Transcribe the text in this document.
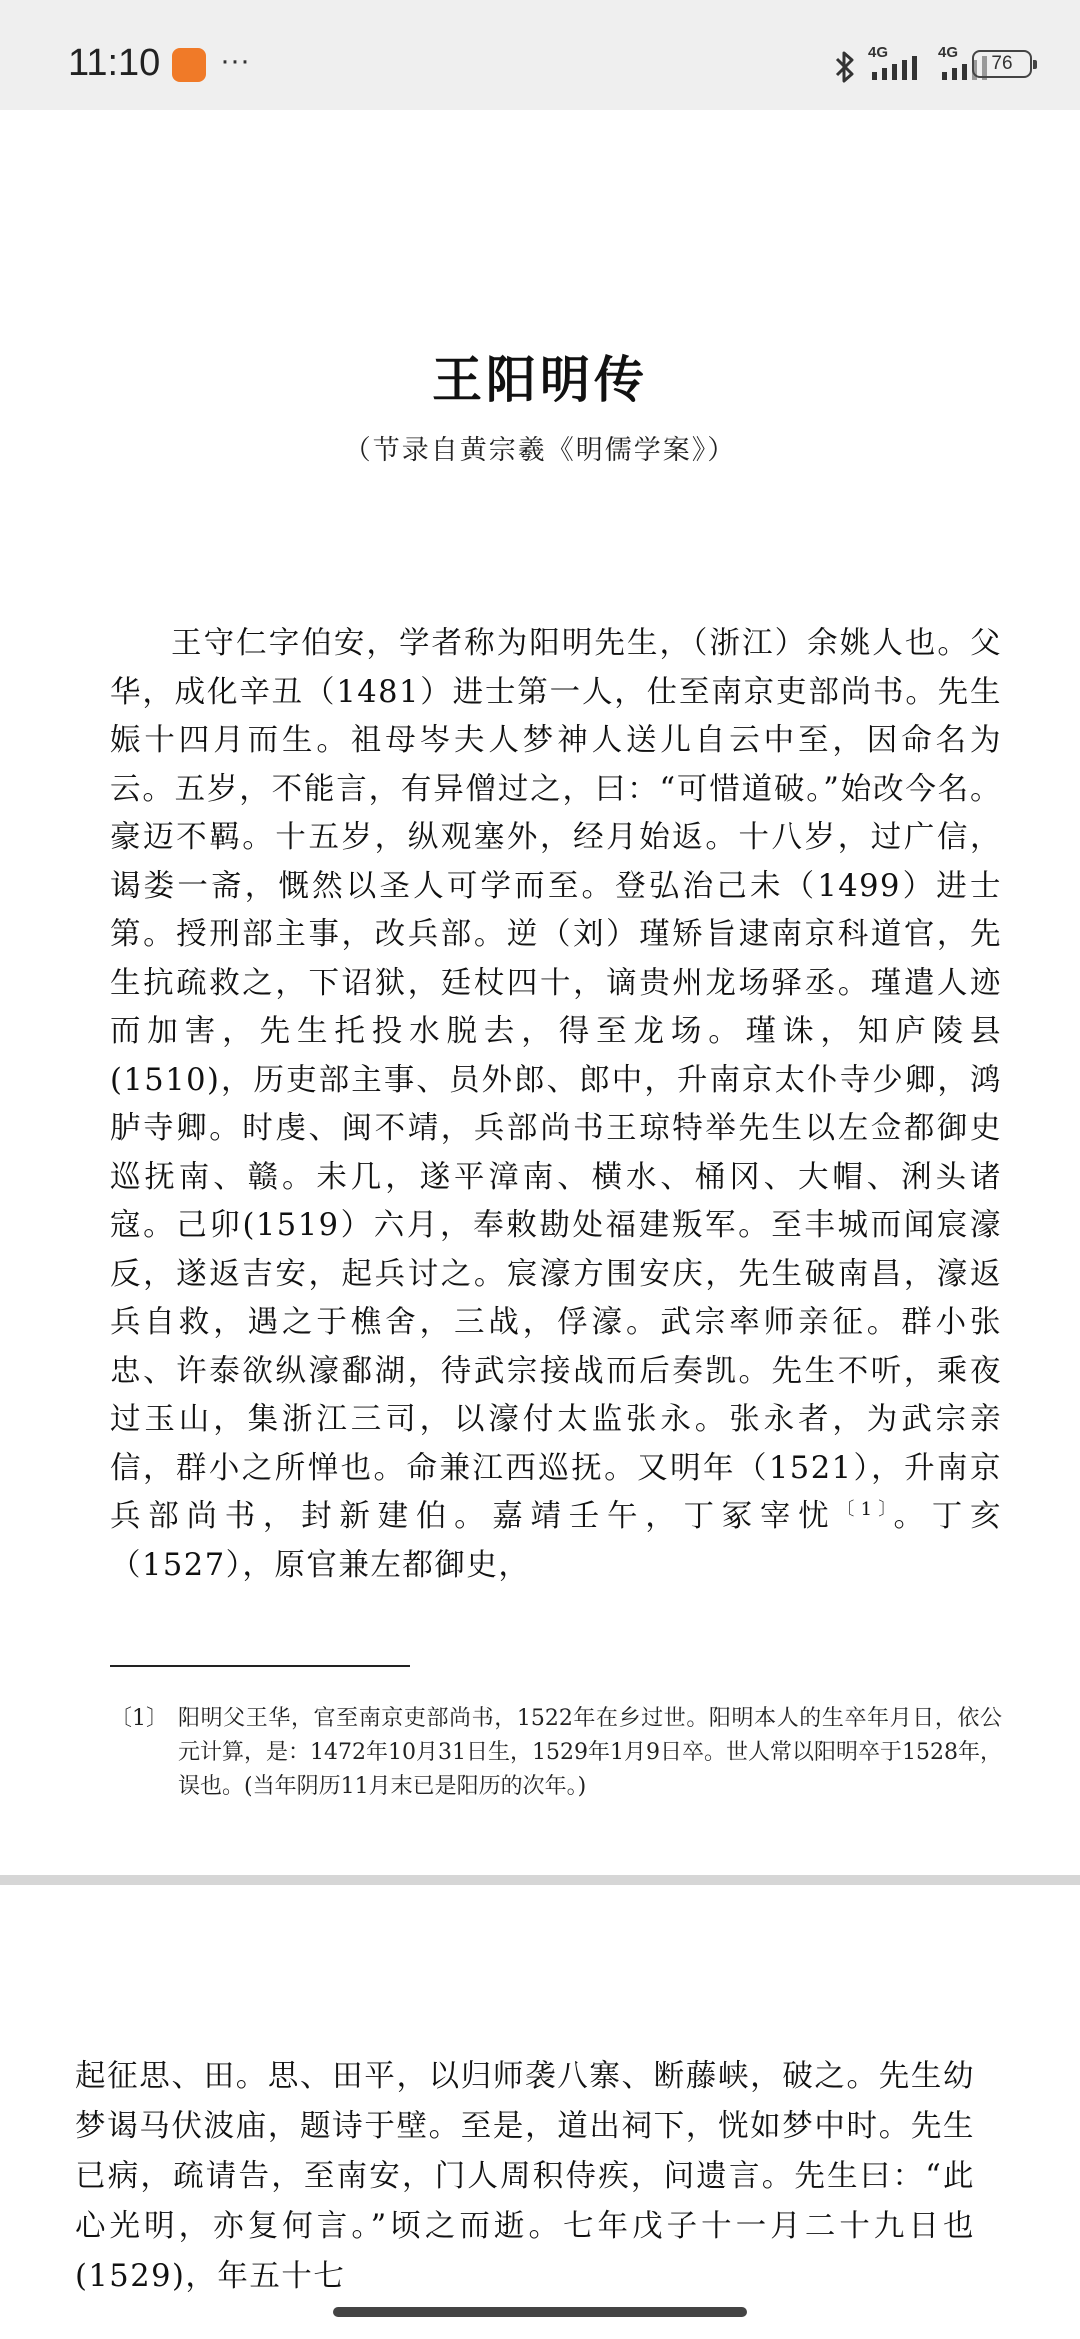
11:10 ···	4G	4G
76
王阳明传
（节录自黄宗羲《明儒学案》）

王守仁字伯安，学者称为阳明先生，（浙江）余姚人也。父华，成化辛丑（1481）进士第一人，仕至南京吏部尚书。先生娠十四月而生。祖母岑夫人梦神人送儿自云中至，因命名为云。五岁，不能言，有异僧过之，曰：“可惜道破。”始改今名。豪迈不羁。十五岁，纵观塞外，经月始返。十八岁，过广信，谒娄一斋，慨然以圣人可学而至。登弘治己未（1499）进士第。授刑部主事，改兵部。逆（刘）瑾矫旨逮南京科道官，先生抗疏救之，下诏狱，廷杖四十，谪贵州龙场驿丞。瑾遣人迹而加害，先生托投水脱去，得至龙场。瑾诛，知庐陵县(1510)，历吏部主事、员外郎、郎中，升南京太仆寺少卿，鸿胪寺卿。时虔、闽不靖，兵部尚书王琼特举先生以左佥都御史巡抚南、赣。未几，遂平漳南、横水、桶冈、大帽、浰头诸寇。己卯(1519）六月，奉敕勘处福建叛军。至丰城而闻宸濠反，遂返吉安，起兵讨之。宸濠方围安庆，先生破南昌，濠返兵自救，遇之于樵舍，三战，俘濠。武宗率师亲征。群小张忠、许泰欲纵濠鄱湖，待武宗接战而后奏凯。先生不听，乘夜过玉山，集浙江三司，以濠付太监张永。张永者，为武宗亲信，群小之所惮也。命兼江西巡抚。又明年（1521），升南京兵部尚书，封新建伯。嘉靖壬午，丁冢宰忧$^{〔1〕}$。丁亥（1527），原官兼左都御史，

〔1〕 阳明父王华，官至南京吏部尚书，1522年在乡过世。阳明本人的生卒年月日，依公元计算，是：1472年10月31日生，1529年1月9日卒。世人常以阳明卒于1528年，误也。(当年阴历11月末已是阳历的次年。)

起征思、田。思、田平，以归师袭八寨、断藤峡，破之。先生幼梦谒马伏波庙，题诗于壁。至是，道出祠下，恍如梦中时。先生已病，疏请告，至南安，门人周积侍疾，问遗言。先生曰：“此心光明，亦复何言。”顷之而逝。七年戊子十一月二十九日也(1529)，年五十七
